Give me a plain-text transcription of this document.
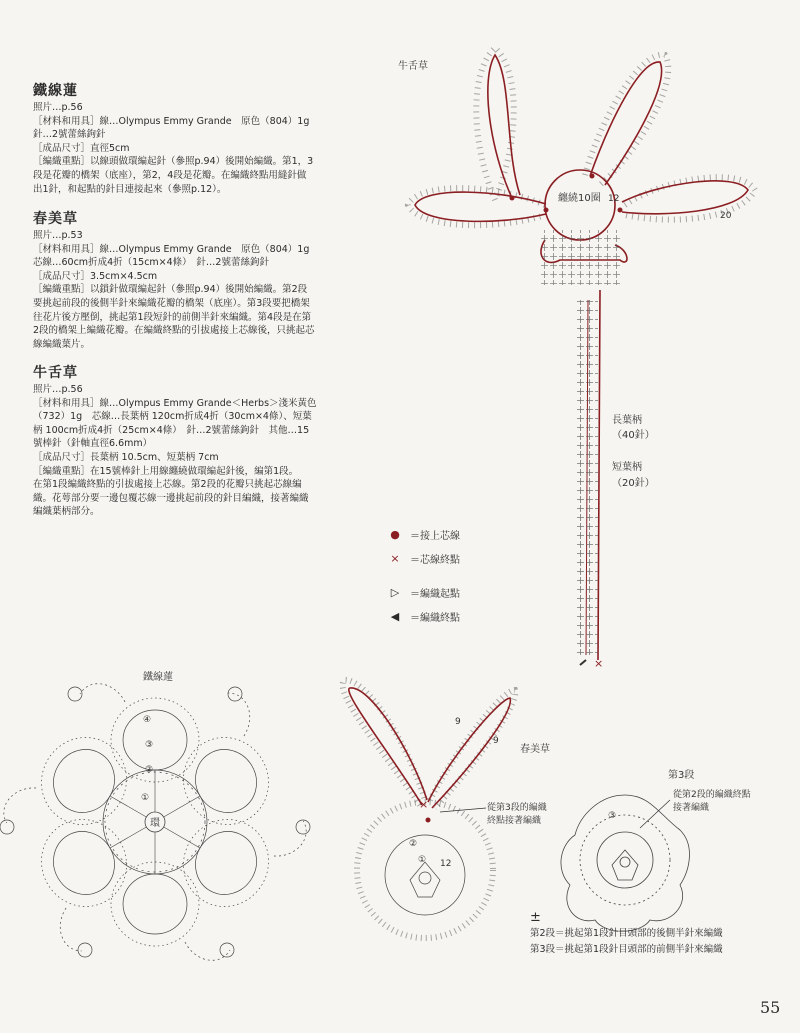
鐵線蓮
照片…p.56
［材料和用具］線…Olympus Emmy Grande　原色（804）1g
針…2號蕾絲鉤針
［成品尺寸］直徑5cm
［編織重點］以線頭做環編起針（參照p.94）後開始編織。第1，3
段是花瓣的橋架（底座），第2，4段是花瓣。在編織終點用縫針做
出1針，和起點的針目連接起來（參照p.12）。
春美草
照片…p.53
［材料和用具］線…Olympus Emmy Grande　原色（804）1g
芯線…60cm折成4折（15cm×4條）　針…2號蕾絲鉤針
［成品尺寸］3.5cm×4.5cm
［編織重點］以鎖針做環編起針（參照p.94）後開始編織。第2段
要挑起前段的後側半針來編織花瓣的橋架（底座）。第3段要把橋架
往花片後方壓倒，挑起第1段短針的前側半針來編織。第4段是在第
2段的橋架上編織花瓣。在編織終點的引拔處接上芯線後，只挑起芯
線編織葉片。
牛舌草
照片…p.56
［材料和用具］線…Olympus Emmy Grande＜Herbs＞淺米黃色
（732）1g　芯線…長葉柄 120cm折成4折（30cm×4條）、短葉
柄 100cm折成4折（25cm×4條）　針…2號蕾絲鉤針　其他…15
號棒針（針軸直徑6.6mm）
［成品尺寸］長葉柄 10.5cm、短葉柄 7cm
［編織重點］在15號棒針上用線纏繞做環編起針後，編第1段。
在第1段編織終點的引拔處接上芯線。第2段的花瓣只挑起芯線編
織。花萼部分要一邊包覆芯線一邊挑起前段的針目編織，接著編織
編織葉柄部分。
牛舌草
纏繞10圈 12
20
長葉柄
（40針）
短葉柄
（20針）
×
鐵線蓮
環
①
②
③
④
×
9
9
②
① 12
春美草
從第3段的編織
終點接著編織
第3段
從第2段的編織終點
接著編織
③
● ＝接上芯線
× ＝芯線終點
▷ ＝編織起點
◀ ＝編織終點
±
第2段＝挑起第1段針目頭部的後側半針來編織
第3段＝挑起第1段針目頭部的前側半針來編織
55
